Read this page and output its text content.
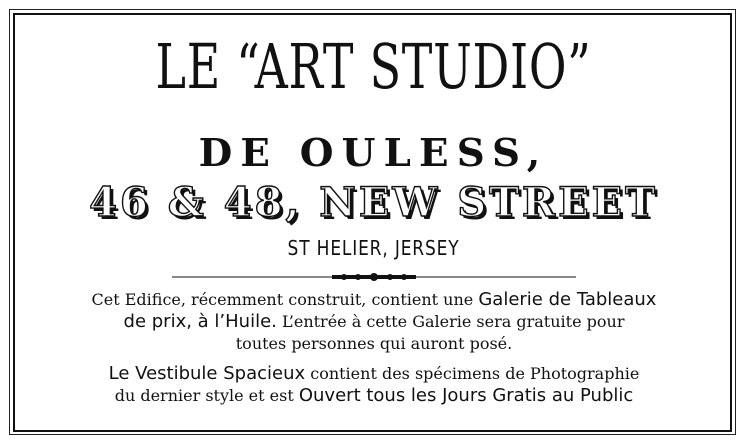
LE “ART STUDIO”
DE OULESS,
46 & 48, NEW STREET
ST HELIER, JERSEY
Cet Edifice, récemment construit, contient une Galerie de Tableaux
de prix, à l’Huile. L’entrée à cette Galerie sera gratuite pour
toutes personnes qui auront posé.
Le Vestibule Spacieux contient des spécimens de Photographie
du dernier style et est Ouvert tous les Jours Gratis au Public
